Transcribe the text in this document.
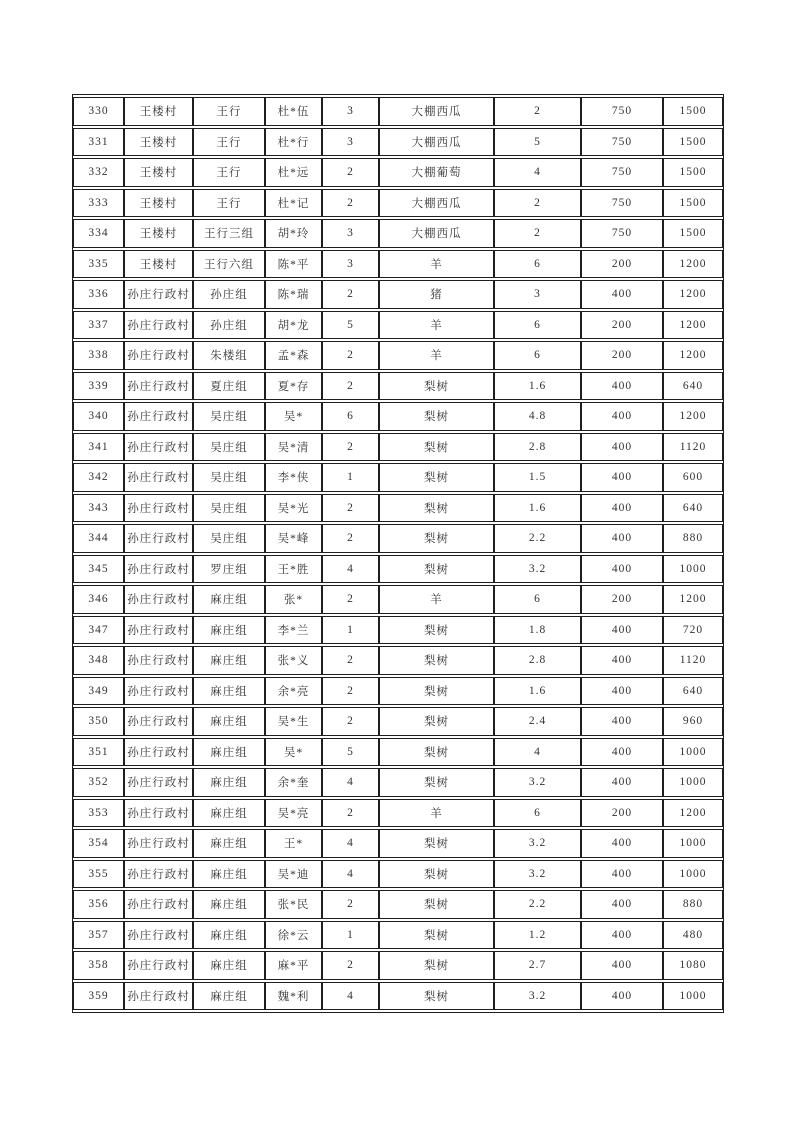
330	王楼村	王行	杜*伍	3	大棚西瓜	2	750	1500
331	王楼村	王行	杜*行	3	大棚西瓜	5	750	1500
332	王楼村	王行	杜*远	2	大棚葡萄	4	750	1500
333	王楼村	王行	杜*记	2	大棚西瓜	2	750	1500
334	王楼村	王行三组	胡*玲	3	大棚西瓜	2	750	1500
335	王楼村	王行六组	陈*平	3	羊	6	200	1200
336	孙庄行政村	孙庄组	陈*瑞	2	猪	3	400	1200
337	孙庄行政村	孙庄组	胡*龙	5	羊	6	200	1200
338	孙庄行政村	朱楼组	孟*森	2	羊	6	200	1200
339	孙庄行政村	夏庄组	夏*存	2	梨树	1.6	400	640
340	孙庄行政村	吴庄组	吴*	6	梨树	4.8	400	1200
341	孙庄行政村	吴庄组	吴*清	2	梨树	2.8	400	1120
342	孙庄行政村	吴庄组	李*侠	1	梨树	1.5	400	600
343	孙庄行政村	吴庄组	吴*光	2	梨树	1.6	400	640
344	孙庄行政村	吴庄组	吴*峰	2	梨树	2.2	400	880
345	孙庄行政村	罗庄组	王*胜	4	梨树	3.2	400	1000
346	孙庄行政村	麻庄组	张*	2	羊	6	200	1200
347	孙庄行政村	麻庄组	李*兰	1	梨树	1.8	400	720
348	孙庄行政村	麻庄组	张*义	2	梨树	2.8	400	1120
349	孙庄行政村	麻庄组	余*亮	2	梨树	1.6	400	640
350	孙庄行政村	麻庄组	吴*生	2	梨树	2.4	400	960
351	孙庄行政村	麻庄组	吴*	5	梨树	4	400	1000
352	孙庄行政村	麻庄组	余*奎	4	梨树	3.2	400	1000
353	孙庄行政村	麻庄组	吴*亮	2	羊	6	200	1200
354	孙庄行政村	麻庄组	王*	4	梨树	3.2	400	1000
355	孙庄行政村	麻庄组	吴*迪	4	梨树	3.2	400	1000
356	孙庄行政村	麻庄组	张*民	2	梨树	2.2	400	880
357	孙庄行政村	麻庄组	徐*云	1	梨树	1.2	400	480
358	孙庄行政村	麻庄组	麻*平	2	梨树	2.7	400	1080
359	孙庄行政村	麻庄组	魏*利	4	梨树	3.2	400	1000
